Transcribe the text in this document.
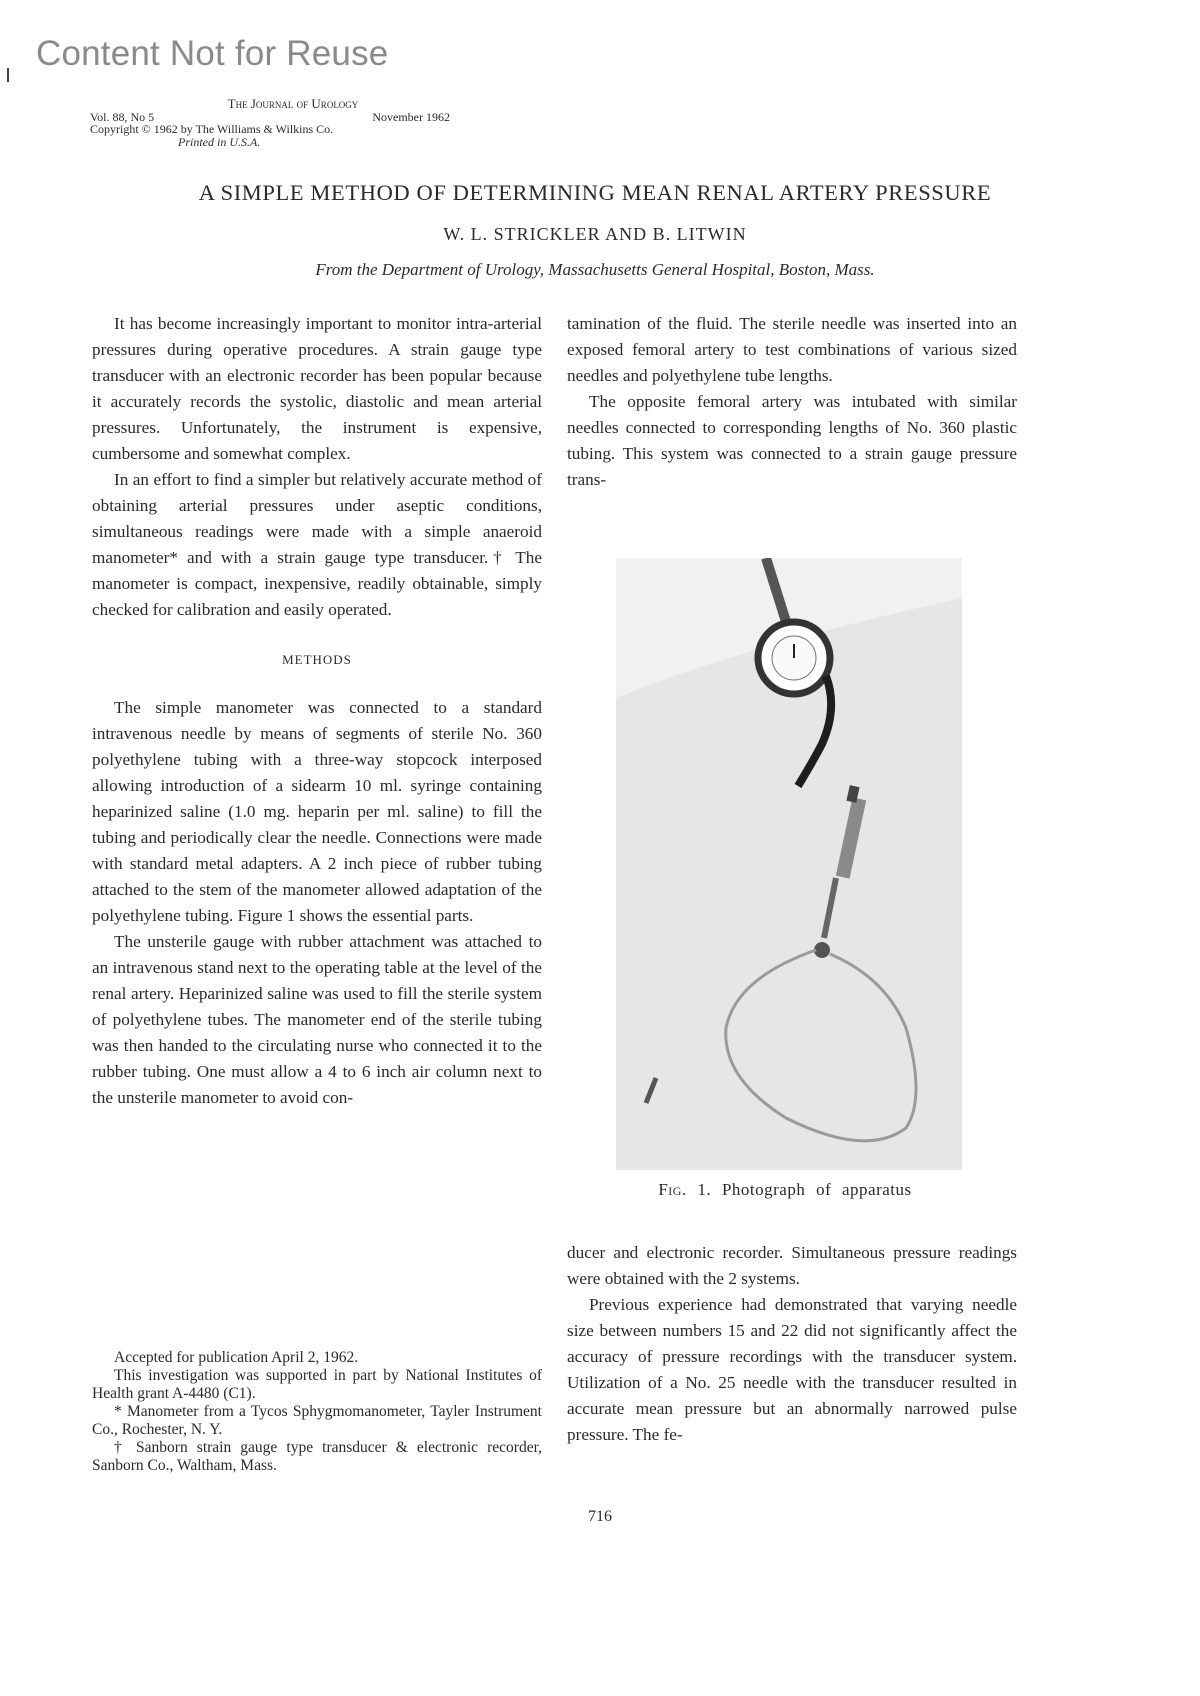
Content Not for Reuse
The Journal of Urology
Vol. 88, No 5	November 1962
Copyright © 1962 by The Williams & Wilkins Co.
Printed in U.S.A.
A SIMPLE METHOD OF DETERMINING MEAN RENAL ARTERY PRESSURE
W. L. STRICKLER AND B. LITWIN
From the Department of Urology, Massachusetts General Hospital, Boston, Mass.

It has become increasingly important to monitor intra-arterial pressures during operative procedures. A strain gauge type transducer with an electronic recorder has been popular because it accurately records the systolic, diastolic and mean arterial pressures. Unfortunately, the instrument is expensive, cumbersome and somewhat complex.

In an effort to find a simpler but relatively accurate method of obtaining arterial pressures under aseptic conditions, simultaneous readings were made with a simple anaeroid manometer* and with a strain gauge type transducer.† The manometer is compact, inexpensive, readily obtainable, simply checked for calibration and easily operated.

METHODS

The simple manometer was connected to a standard intravenous needle by means of segments of sterile No. 360 polyethylene tubing with a three-way stopcock interposed allowing introduction of a sidearm 10 ml. syringe containing heparinized saline (1.0 mg. heparin per ml. saline) to fill the tubing and periodically clear the needle. Connections were made with standard metal adapters. A 2 inch piece of rubber tubing attached to the stem of the manometer allowed adaptation of the polyethylene tubing. Figure 1 shows the essential parts.

The unsterile gauge with rubber attachment was attached to an intravenous stand next to the operating table at the level of the renal artery. Heparinized saline was used to fill the sterile system of polyethylene tubes. The manometer end of the sterile tubing was then handed to the circulating nurse who connected it to the rubber tubing. One must allow a 4 to 6 inch air column next to the unsterile manometer to avoid con-

Accepted for publication April 2, 1962.

This investigation was supported in part by National Institutes of Health grant A-4480 (C1).

* Manometer from a Tycos Sphygmomanometer, Tayler Instrument Co., Rochester, N. Y.

† Sanborn strain gauge type transducer & electronic recorder, Sanborn Co., Waltham, Mass.

tamination of the fluid. The sterile needle was inserted into an exposed femoral artery to test combinations of various sized needles and polyethylene tube lengths.

The opposite femoral artery was intubated with similar needles connected to corresponding lengths of No. 360 plastic tubing. This system was connected to a strain gauge pressure trans-

Fig. 1. Photograph of apparatus

ducer and electronic recorder. Simultaneous pressure readings were obtained with the 2 systems.

Previous experience had demonstrated that varying needle size between numbers 15 and 22 did not significantly affect the accuracy of pressure recordings with the transducer system. Utilization of a No. 25 needle with the transducer resulted in accurate mean pressure but an abnormally narrowed pulse pressure. The fe-

716
